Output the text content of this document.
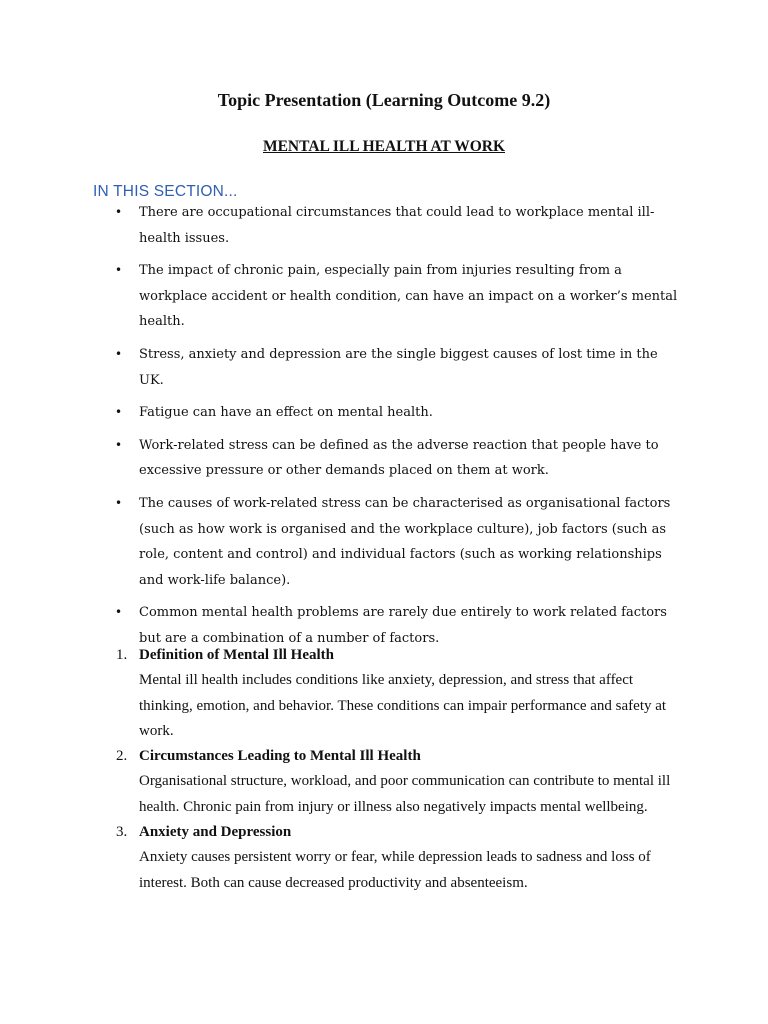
Topic Presentation (Learning Outcome 9.2)
MENTAL ILL HEALTH AT WORK
IN THIS SECTION...
• There are occupational circumstances that could lead to workplace mental ill-health issues.
• The impact of chronic pain, especially pain from injuries resulting from a workplace accident or health condition, can have an impact on a worker’s mental health.
• Stress, anxiety and depression are the single biggest causes of lost time in the UK.
• Fatigue can have an effect on mental health.
• Work-related stress can be defined as the adverse reaction that people have to excessive pressure or other demands placed on them at work.
• The causes of work-related stress can be characterised as organisational factors (such as how work is organised and the workplace culture), job factors (such as role, content and control) and individual factors (such as working relationships and work-life balance).
• Common mental health problems are rarely due entirely to work related factors but are a combination of a number of factors.
1. Definition of Mental Ill Health
Mental ill health includes conditions like anxiety, depression, and stress that affect thinking, emotion, and behavior. These conditions can impair performance and safety at work.
2. Circumstances Leading to Mental Ill Health
Organisational structure, workload, and poor communication can contribute to mental ill health. Chronic pain from injury or illness also negatively impacts mental wellbeing.
3. Anxiety and Depression
Anxiety causes persistent worry or fear, while depression leads to sadness and loss of interest. Both can cause decreased productivity and absenteeism.
